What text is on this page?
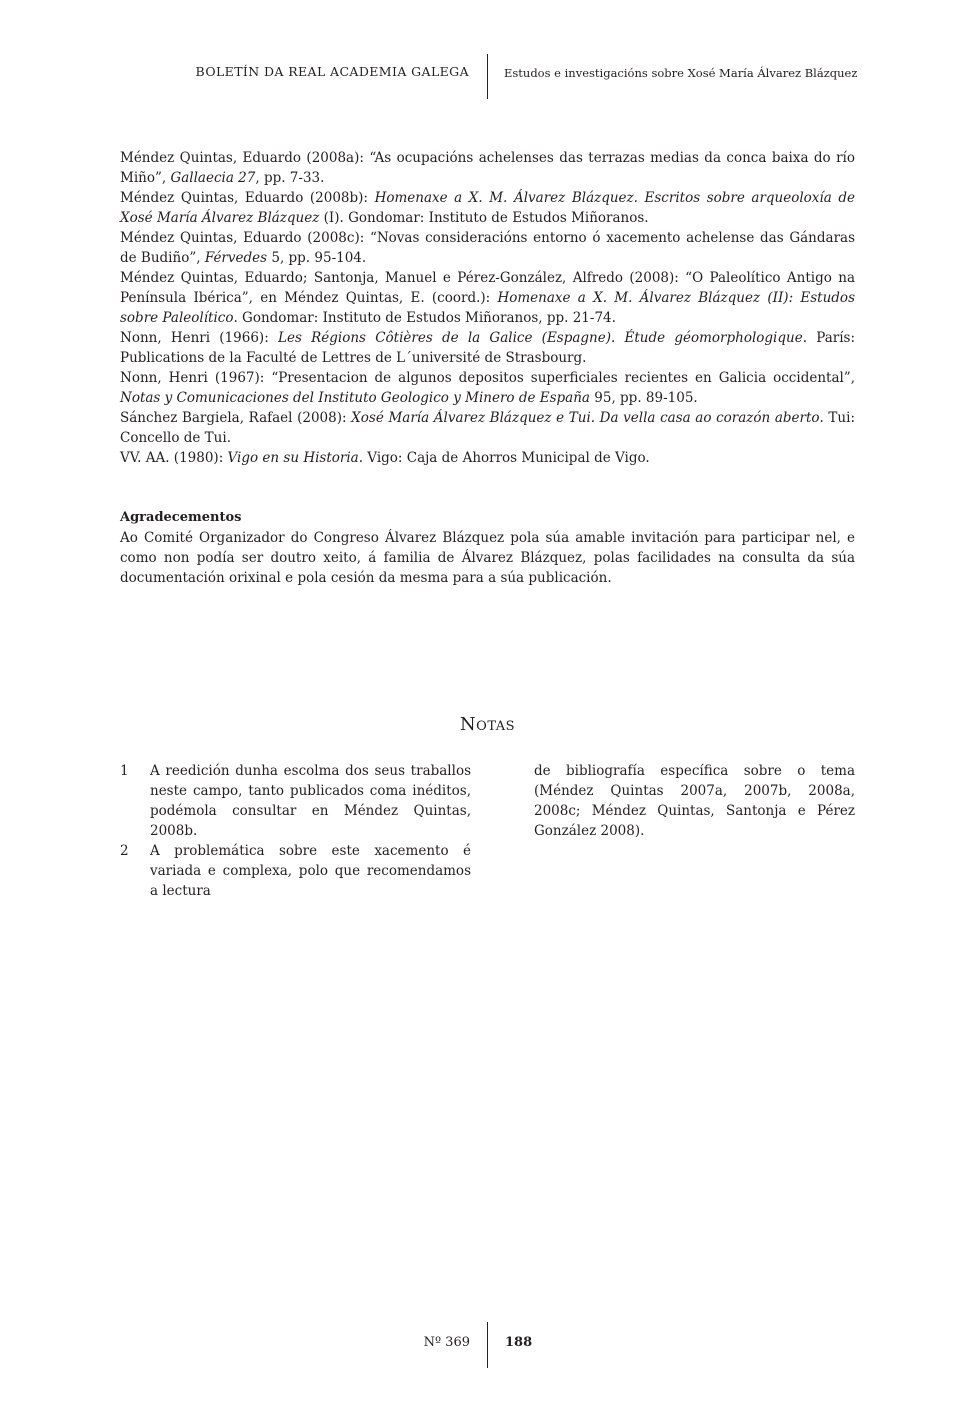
BOLETÍN DA REAL ACADEMIA GALEGA	Estudos e investigacións sobre Xosé María Álvarez Blázquez
Méndez Quintas, Eduardo (2008a): “As ocupacións achelenses das terrazas medias da conca baixa do río Miño”, Gallaecia 27, pp. 7-33.
Méndez Quintas, Eduardo (2008b): Homenaxe a X. M. Álvarez Blázquez. Escritos sobre arqueoloxía de Xosé María Álvarez Blázquez (I). Gondomar: Instituto de Estudos Miñoranos.
Méndez Quintas, Eduardo (2008c): “Novas consideracións entorno ó xacemento achelense das Gándaras de Budiño”, Férvedes 5, pp. 95-104.
Méndez Quintas, Eduardo; Santonja, Manuel e Pérez-González, Alfredo (2008): “O Paleolítico Antigo na Península Ibérica”, en Méndez Quintas, E. (coord.): Homenaxe a X. M. Álvarez Blázquez (II): Estudos sobre Paleolítico. Gondomar: Instituto de Estudos Miñoranos, pp. 21-74.
Nonn, Henri (1966): Les Régions Côtières de la Galice (Espagne). Étude géomorphologique. París: Publications de la Faculté de Lettres de L´université de Strasbourg.
Nonn, Henri (1967): “Presentacion de algunos depositos superficiales recientes en Galicia occidental”, Notas y Comunicaciones del Instituto Geologico y Minero de España 95, pp. 89-105.
Sánchez Bargiela, Rafael (2008): Xosé María Álvarez Blázquez e Tui. Da vella casa ao corazón aberto. Tui: Concello de Tui.
VV. AA. (1980): Vigo en su Historia. Vigo: Caja de Ahorros Municipal de Vigo.
Agradecementos
Ao Comité Organizador do Congreso Álvarez Blázquez pola súa amable invitación para participar nel, e como non podía ser doutro xeito, á familia de Álvarez Blázquez, polas facilidades na consulta da súa documentación orixinal e pola cesión da mesma para a súa publicación.
Notas
1 A reedición dunha escolma dos seus traballos neste campo, tanto publicados coma inéditos, podémola consultar en Méndez Quintas, 2008b.
2 A problemática sobre este xacemento é variada e complexa, polo que recomendamos a lectura
de bibliografía específica sobre o tema (Méndez Quintas 2007a, 2007b, 2008a, 2008c; Méndez Quintas, Santonja e Pérez González 2008).
Nº 369	188
